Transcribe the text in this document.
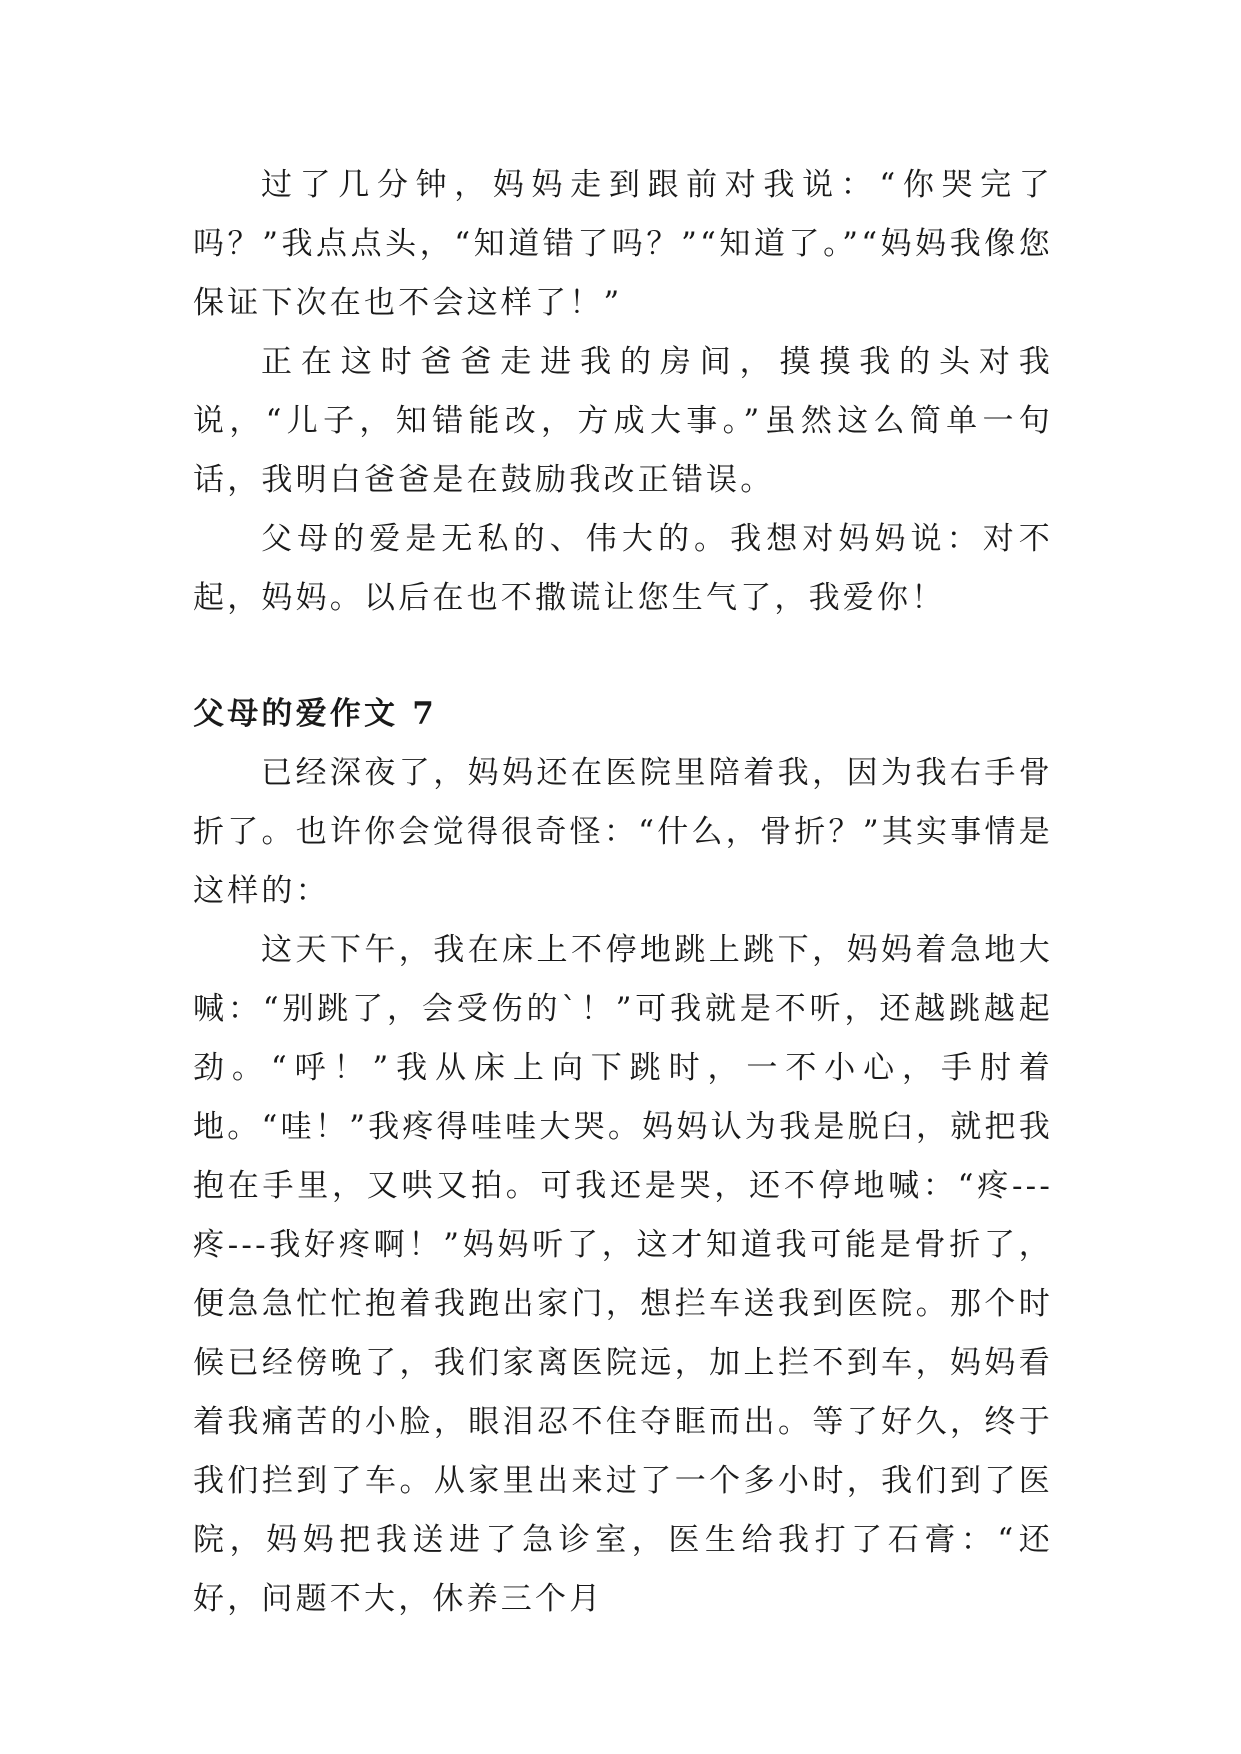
过了几分钟，妈妈走到跟前对我说：“你哭完了吗？”我点点头，“知道错了吗？”“知道了。”“妈妈我像您保证下次在也不会这样了！”

正在这时爸爸走进我的房间，摸摸我的头对我说，“儿子，知错能改，方成大事。”虽然这么简单一句话，我明白爸爸是在鼓励我改正错误。

父母的爱是无私的、伟大的。我想对妈妈说：对不起，妈妈。以后在也不撒谎让您生气了，我爱你！

父母的爱作文 7

已经深夜了，妈妈还在医院里陪着我，因为我右手骨折了。也许你会觉得很奇怪：“什么，骨折？”其实事情是这样的：

这天下午，我在床上不停地跳上跳下，妈妈着急地大喊：“别跳了，会受伤的`！”可我就是不听，还越跳越起劲。“呼！”我从床上向下跳时，一不小心，手肘着地。“哇！”我疼得哇哇大哭。妈妈认为我是脱臼，就把我抱在手里，又哄又拍。可我还是哭，还不停地喊：“疼---疼---我好疼啊！”妈妈听了，这才知道我可能是骨折了，便急急忙忙抱着我跑出家门，想拦车送我到医院。那个时候已经傍晚了，我们家离医院远，加上拦不到车，妈妈看着我痛苦的小脸，眼泪忍不住夺眶而出。等了好久，终于我们拦到了车。从家里出来过了一个多小时，我们到了医院，妈妈把我送进了急诊室，医生给我打了石膏：“还好，问题不大，休养三个月
